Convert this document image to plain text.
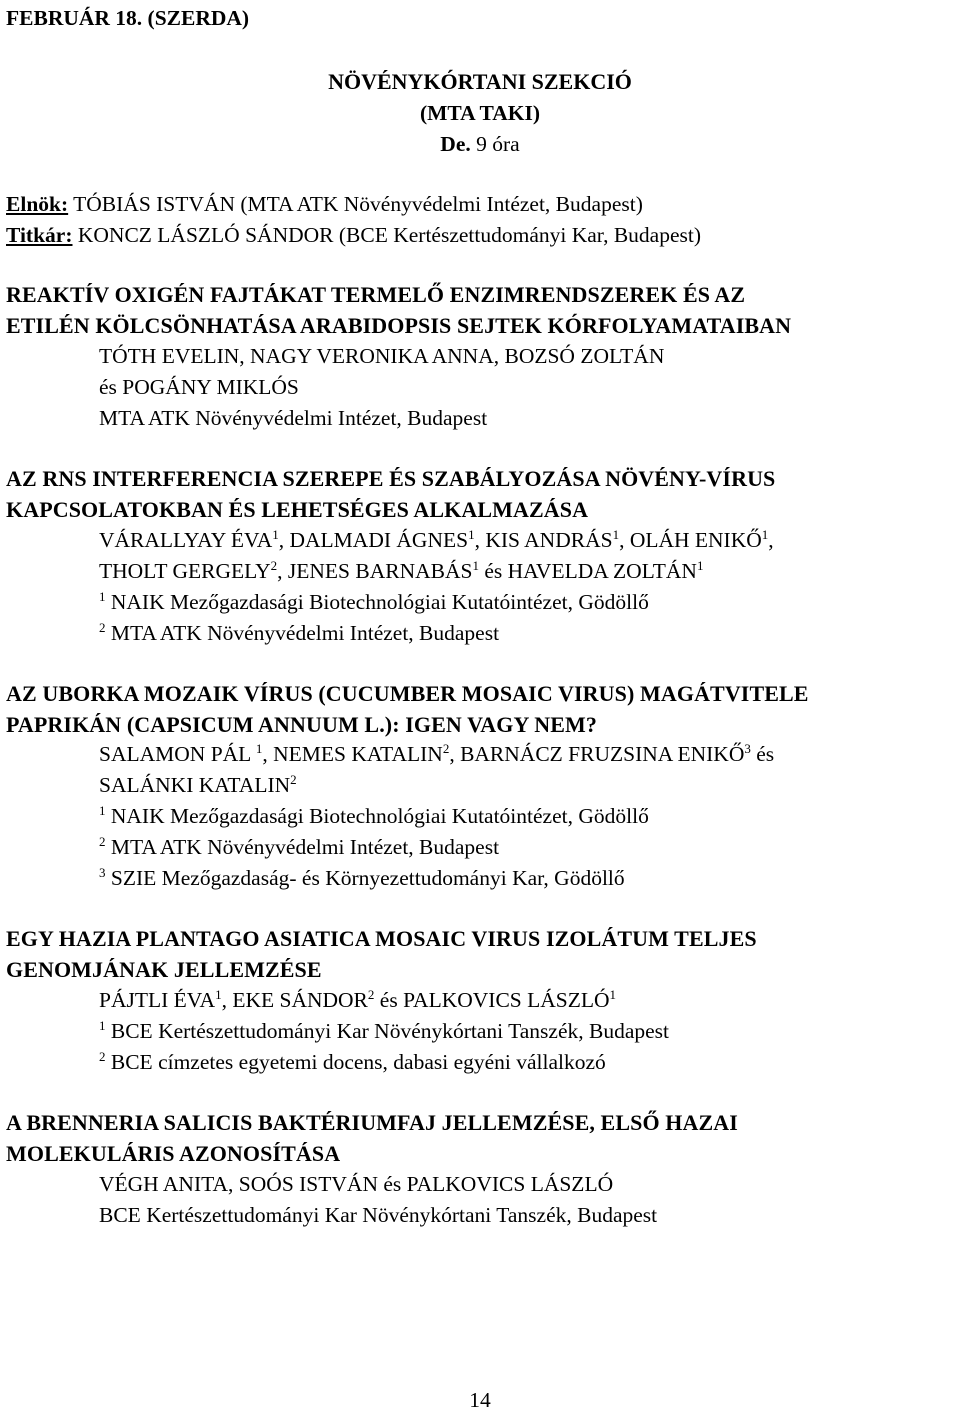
FEBRUÁR 18. (SZERDA)
NÖVÉNYKÓRTANI SZEKCIÓ
(MTA TAKI)
De. 9 óra
Elnök: TÓBIÁS ISTVÁN (MTA ATK Növényvédelmi Intézet, Budapest)
Titkár: KONCZ LÁSZLÓ SÁNDOR (BCE Kertészettudományi Kar, Budapest)
REAKTÍV OXIGÉN FAJTÁKAT TERMELŐ ENZIMRENDSZEREK ÉS AZ
ETILÉN KÖLCSÖNHATÁSA ARABIDOPSIS SEJTEK KÓRFOLYAMATAIBAN
TÓTH EVELIN, NAGY VERONIKA ANNA, BOZSÓ ZOLTÁN
és POGÁNY MIKLÓS
MTA ATK Növényvédelmi Intézet, Budapest
AZ RNS INTERFERENCIA SZEREPE ÉS SZABÁLYOZÁSA NÖVÉNY-VÍRUS
KAPCSOLATOKBAN ÉS LEHETSÉGES ALKALMAZÁSA
VÁRALLYAY ÉVA$^1$, DALMADI ÁGNES$^1$, KIS ANDRÁS$^1$, OLÁH ENIKŐ$^1$,
THOLT GERGELY$^2$, JENES BARNABÁS$^1$ és HAVELDA ZOLTÁN$^1$
$^1$ NAIK Mezőgazdasági Biotechnológiai Kutatóintézet, Gödöllő
$^2$ MTA ATK Növényvédelmi Intézet, Budapest
AZ UBORKA MOZAIK VÍRUS (CUCUMBER MOSAIC VIRUS) MAGÁTVITELE
PAPRIKÁN (CAPSICUM ANNUUM L.): IGEN VAGY NEM?
SALAMON PÁL $^1$, NEMES KATALIN$^2$, BARNÁCZ FRUZSINA ENIKŐ$^3$ és
SALÁNKI KATALIN$^2$
$^1$ NAIK Mezőgazdasági Biotechnológiai Kutatóintézet, Gödöllő
$^2$ MTA ATK Növényvédelmi Intézet, Budapest
$^3$ SZIE Mezőgazdaság- és Környezettudományi Kar, Gödöllő
EGY HAZIA PLANTAGO ASIATICA MOSAIC VIRUS IZOLÁTUM TELJES
GENOMJÁNAK JELLEMZÉSE
PÁJTLI ÉVA$^1$, EKE SÁNDOR$^2$ és PALKOVICS LÁSZLÓ$^1$
$^1$ BCE Kertészettudományi Kar Növénykórtani Tanszék, Budapest
$^2$ BCE címzetes egyetemi docens, dabasi egyéni vállalkozó
A BRENNERIA SALICIS BAKTÉRIUMFAJ JELLEMZÉSE, ELSŐ HAZAI
MOLEKULÁRIS AZONOSÍTÁSA
VÉGH ANITA, SOÓS ISTVÁN és PALKOVICS LÁSZLÓ
BCE Kertészettudományi Kar Növénykórtani Tanszék, Budapest
14
